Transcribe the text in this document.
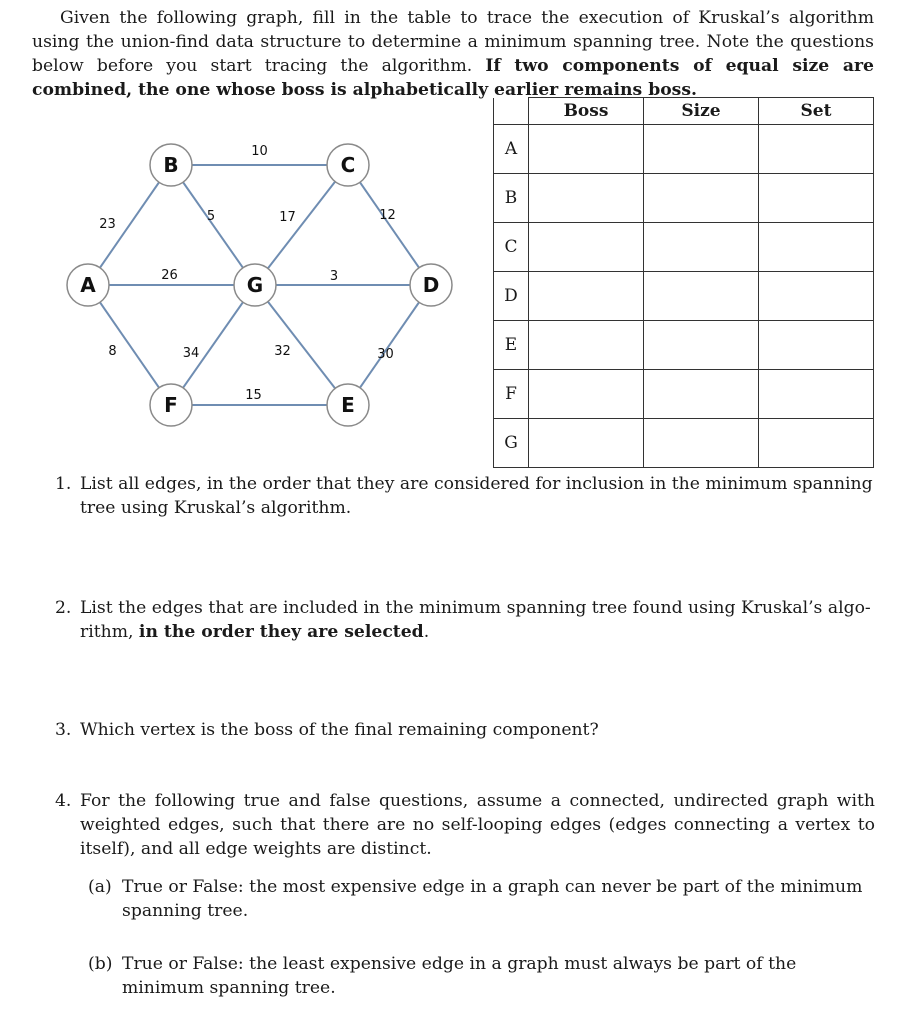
Given the following graph, fill in the table to trace the execution of Kruskal’s algorithm using the union-find data structure to determine a minimum spanning tree. Note the questions below before you start tracing the algorithm. If two components of equal size are combined, the one whose boss is alphabetically earlier remains boss.

23
26
8
10
5	17	12
3
34	32	30
15
A
B	C
D
E
F
G
	Boss	Size	Set
A			
B			
C			
D			
E			
F			
G			

1. List all edges, in the order that they are considered for inclusion in the minimum spanning tree using Kruskal’s algorithm.

2. List the edges that are included in the minimum spanning tree found using Kruskal’s algo-rithm, in the order they are selected.

3. Which vertex is the boss of the final remaining component?

4. For the following true and false questions, assume a connected, undirected graph with weighted edges, such that there are no self-looping edges (edges connecting a vertex to itself), and all edge weights are distinct.

(a) True or False: the most expensive edge in a graph can never be part of the minimum spanning tree.

(b) True or False: the least expensive edge in a graph must always be part of the minimum spanning tree.
